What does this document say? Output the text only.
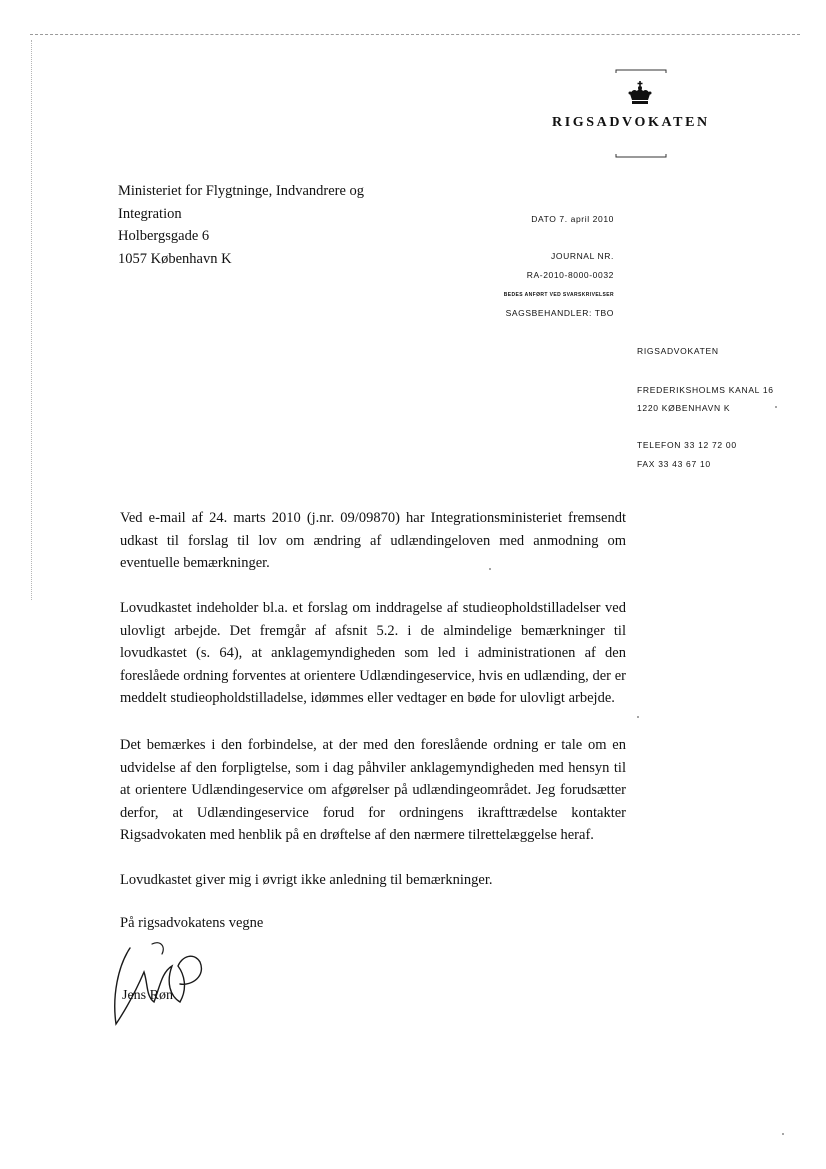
RIGSADVOKATEN
Ministeriet for Flygtninge, Indvandrere og
Integration
Holbergsgade 6
1057 København K
DATO 7. april 2010
JOURNAL NR.
RA-2010-8000-0032
BEDES ANFØRT VED SVARSKRIVELSER
SAGSBEHANDLER: TBO
RIGSADVOKATEN
FREDERIKSHOLMS KANAL 16
1220 KØBENHAVN K
TELEFON 33 12 72 00
FAX 33 43 67 10

Ved e-mail af 24. marts 2010 (j.nr. 09/09870) har Integrationsministeriet fremsendt udkast til forslag til lov om ændring af udlændingeloven med anmodning om eventuelle bemærkninger.

Lovudkastet indeholder bl.a. et forslag om inddragelse af studieopholdstilladelser ved ulovligt arbejde. Det fremgår af afsnit 5.2. i de almindelige bemærkninger til lovudkastet (s. 64), at anklagemyndigheden som led i administrationen af den foreslåede ordning forventes at orientere Udlændingeservice, hvis en udlænding, der er meddelt studieopholdstilladelse, idømmes eller vedtager en bøde for ulovligt arbejde.

Det bemærkes i den forbindelse, at der med den foreslående ordning er tale om en udvidelse af den forpligtelse, som i dag påhviler anklagemyndigheden med hensyn til at orientere Udlændingeservice om afgørelser på udlændingeområdet. Jeg forudsætter derfor, at Udlændingeservice forud for ordningens ikrafttrædelse kontakter Rigsadvokaten med henblik på en drøftelse af den nærmere tilrettelæggelse heraf.

Lovudkastet giver mig i øvrigt ikke anledning til bemærkninger.

På rigsadvokatens vegne
Jens Røn
